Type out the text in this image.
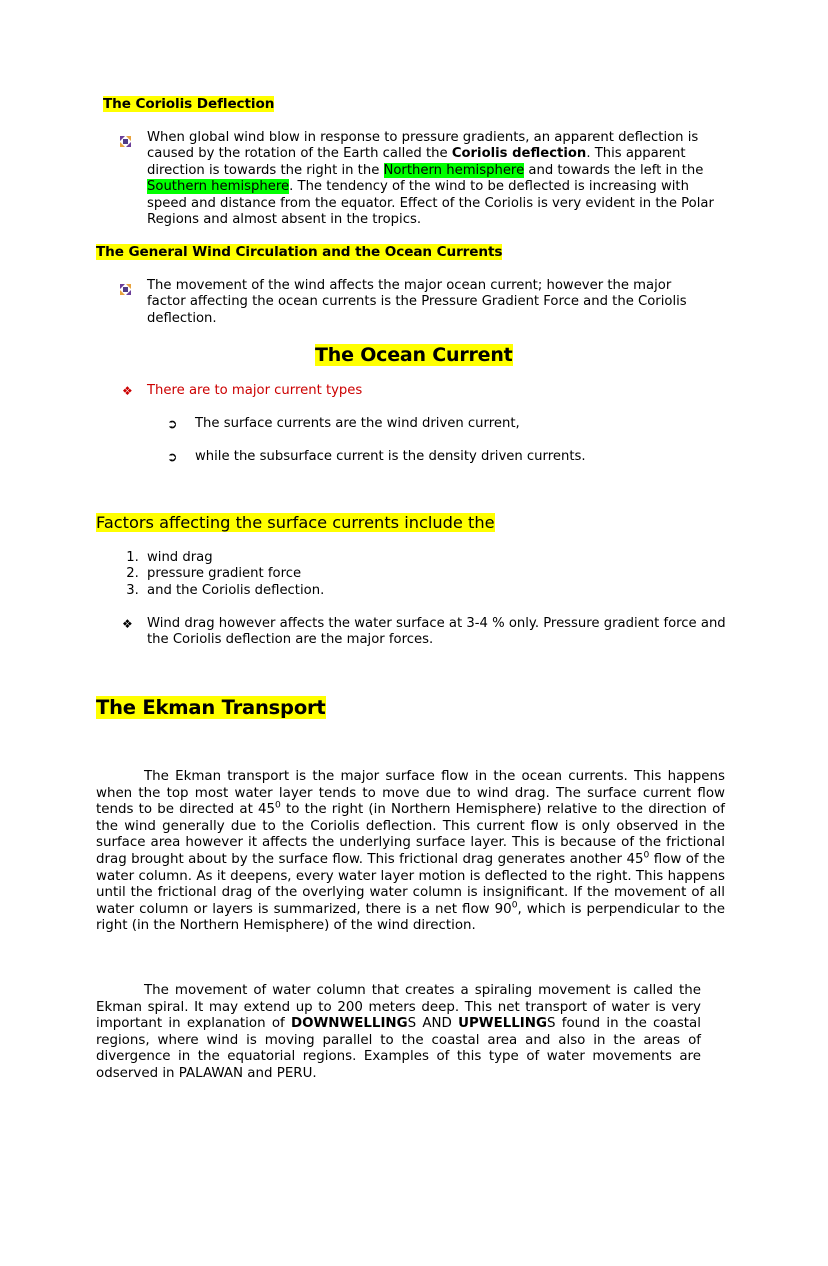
The Coriolis Deflection
When global wind blow in response to pressure gradients, an apparent deflection is caused by the rotation of the Earth called the Coriolis deflection. This apparent direction is towards the right in the Northern hemisphere and towards the left in the Southern hemisphere. The tendency of the wind to be deflected is increasing with speed and distance from the equator. Effect of the Coriolis is very evident in the Polar Regions and almost absent in the tropics.
The General Wind Circulation and the Ocean Currents
The movement of the wind affects the major ocean current; however the major factor affecting the ocean currents is the Pressure Gradient Force and the Coriolis deflection.
The Ocean Current
❖	There are to major current types
➲	The surface currents are the wind driven current,
➲	while the subsurface current is the density driven currents.
Factors affecting the surface currents include the
1. wind drag
2. pressure gradient force
3. and the Coriolis deflection.
❖	Wind drag however affects the water surface at 3-4 % only. Pressure gradient force and the Coriolis deflection are the major forces.
The Ekman Transport
The Ekman transport is the major surface flow in the ocean currents. This happens when the top most water layer tends to move due to wind drag. The surface current flow tends to be directed at $45^0$ to the right (in Northern Hemisphere) relative to the direction of the wind generally due to the Coriolis deflection. This current flow is only observed in the surface area however it affects the underlying surface layer. This is because of the frictional drag brought about by the surface flow. This frictional drag generates another $45^0$ flow of the water column. As it deepens, every water layer motion is deflected to the right. This happens until the frictional drag of the overlying water column is insignificant. If the movement of all water column or layers is summarized, there is a net flow $90^0$, which is perpendicular to the right (in the Northern Hemisphere) of the wind direction.
The movement of water column that creates a spiraling movement is called the Ekman spiral. It may extend up to 200 meters deep. This net transport of water is very important in explanation of DOWNWELLINGS AND UPWELLINGS found in the coastal regions, where wind is moving parallel to the coastal area and also in the areas of divergence in the equatorial regions. Examples of this type of water movements are odserved in PALAWAN and PERU.
